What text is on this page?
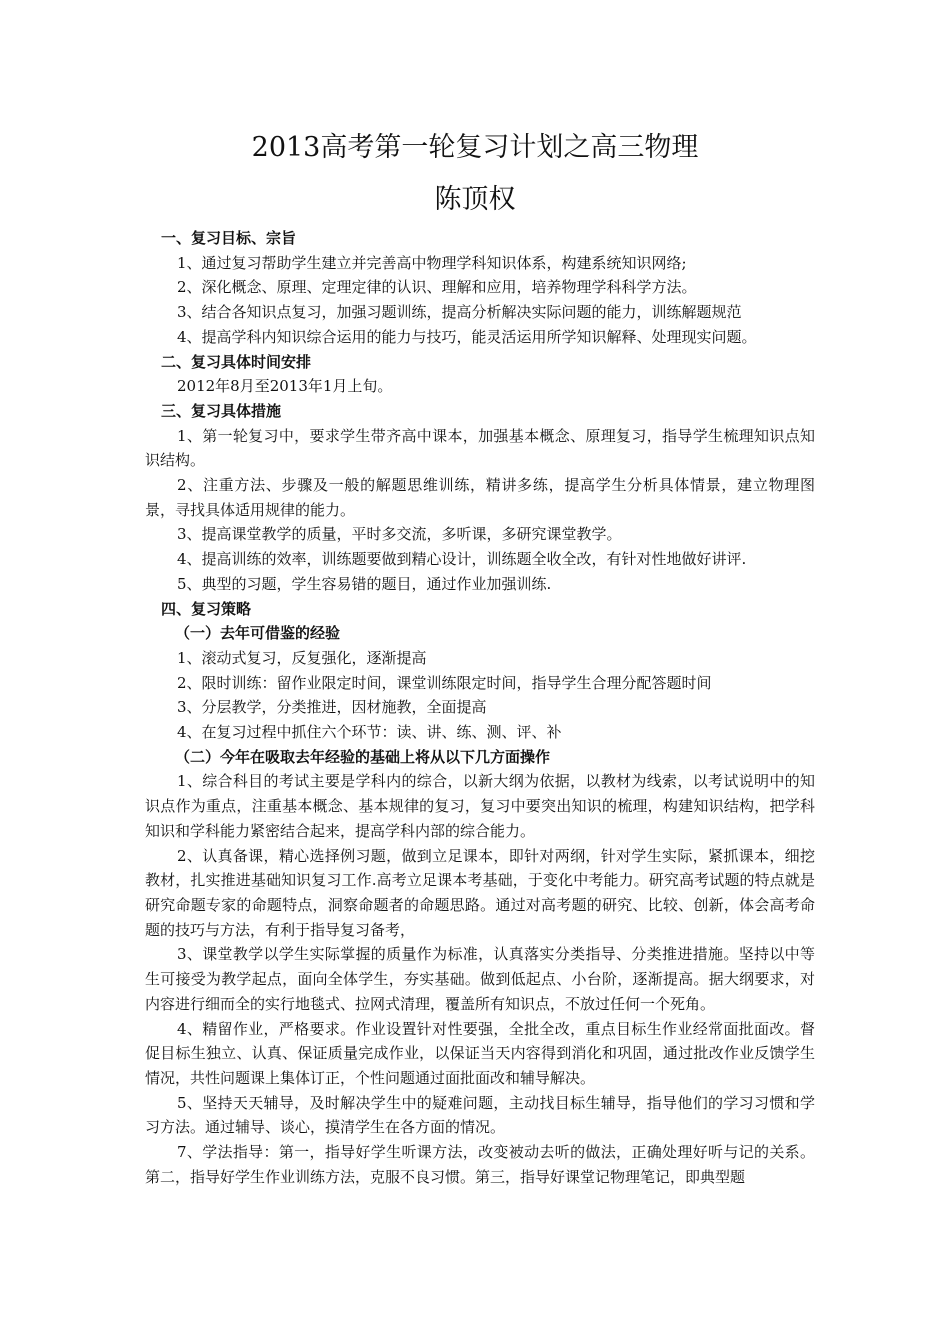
2013高考第一轮复习计划之高三物理
陈顶权

一、复习目标、宗旨

1、通过复习帮助学生建立并完善高中物理学科知识体系，构建系统知识网络;

2、深化概念、原理、定理定律的认识、理解和应用，培养物理学科科学方法。

3、结合各知识点复习，加强习题训练，提高分析解决实际问题的能力，训练解题规范

4、提高学科内知识综合运用的能力与技巧，能灵活运用所学知识解释、处理现实问题。

二、复习具体时间安排

2012年8月至2013年1月上旬。

三、复习具体措施

1、第一轮复习中，要求学生带齐高中课本，加强基本概念、原理复习，指导学生梳理知识点知识结构。

2、注重方法、步骤及一般的解题思维训练，精讲多练，提高学生分析具体情景，建立物理图景，寻找具体适用规律的能力。

3、提高课堂教学的质量，平时多交流，多听课，多研究课堂教学。

4、提高训练的效率，训练题要做到精心设计，训练题全收全改，有针对性地做好讲评.

5、典型的习题，学生容易错的题目，通过作业加强训练.

四、复习策略

（一）去年可借鉴的经验

1、滚动式复习，反复强化，逐渐提高

2、限时训练：留作业限定时间，课堂训练限定时间，指导学生合理分配答题时间

3、分层教学，分类推进，因材施教，全面提高

4、在复习过程中抓住六个环节：读、讲、练、测、评、补

（二）今年在吸取去年经验的基础上将从以下几方面操作

1、综合科目的考试主要是学科内的综合，以新大纲为依据，以教材为线索，以考试说明中的知识点作为重点，注重基本概念、基本规律的复习，复习中要突出知识的梳理，构建知识结构，把学科知识和学科能力紧密结合起来，提高学科内部的综合能力。

2、认真备课，精心选择例习题，做到立足课本，即针对两纲，针对学生实际，紧抓课本，细挖教材，扎实推进基础知识复习工作.高考立足课本考基础，于变化中考能力。研究高考试题的特点就是研究命题专家的命题特点，洞察命题者的命题思路。通过对高考题的研究、比较、创新，体会高考命题的技巧与方法，有利于指导复习备考，

3、课堂教学以学生实际掌握的质量作为标准，认真落实分类指导、分类推进措施。坚持以中等生可接受为教学起点，面向全体学生，夯实基础。做到低起点、小台阶，逐渐提高。据大纲要求，对内容进行细而全的实行地毯式、拉网式清理，覆盖所有知识点，不放过任何一个死角。

4、精留作业，严格要求。作业设置针对性要强，全批全改，重点目标生作业经常面批面改。督促目标生独立、认真、保证质量完成作业，以保证当天内容得到消化和巩固，通过批改作业反馈学生情况，共性问题课上集体订正，个性问题通过面批面改和辅导解决。

5、坚持天天辅导，及时解决学生中的疑难问题，主动找目标生辅导，指导他们的学习习惯和学习方法。通过辅导、谈心，摸清学生在各方面的情况。

7、学法指导：第一，指导好学生听课方法，改变被动去听的做法，正确处理好听与记的关系。第二，指导好学生作业训练方法，克服不良习惯。第三，指导好课堂记物理笔记，即典型题
